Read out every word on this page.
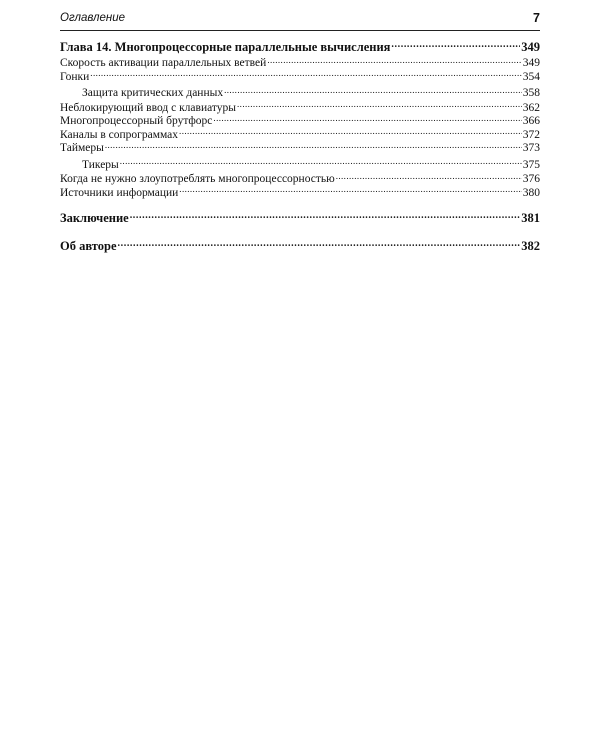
Оглавление	7
Глава 14. Многопроцессорные параллельные вычисления .....	349
Скорость активации параллельных ветвей .....	349
Гонки .....	354
Защита критических данных .....	358
Неблокирующий ввод с клавиатуры .....	362
Многопроцессорный брутфорс .....	366
Каналы в сопрограммах .....	372
Таймеры .....	373
Тикеры .....	375
Когда не нужно злоупотреблять многопроцессорностью .....	376
Источники информации .....	380
Заключение .....	381
Об авторе .....	382
